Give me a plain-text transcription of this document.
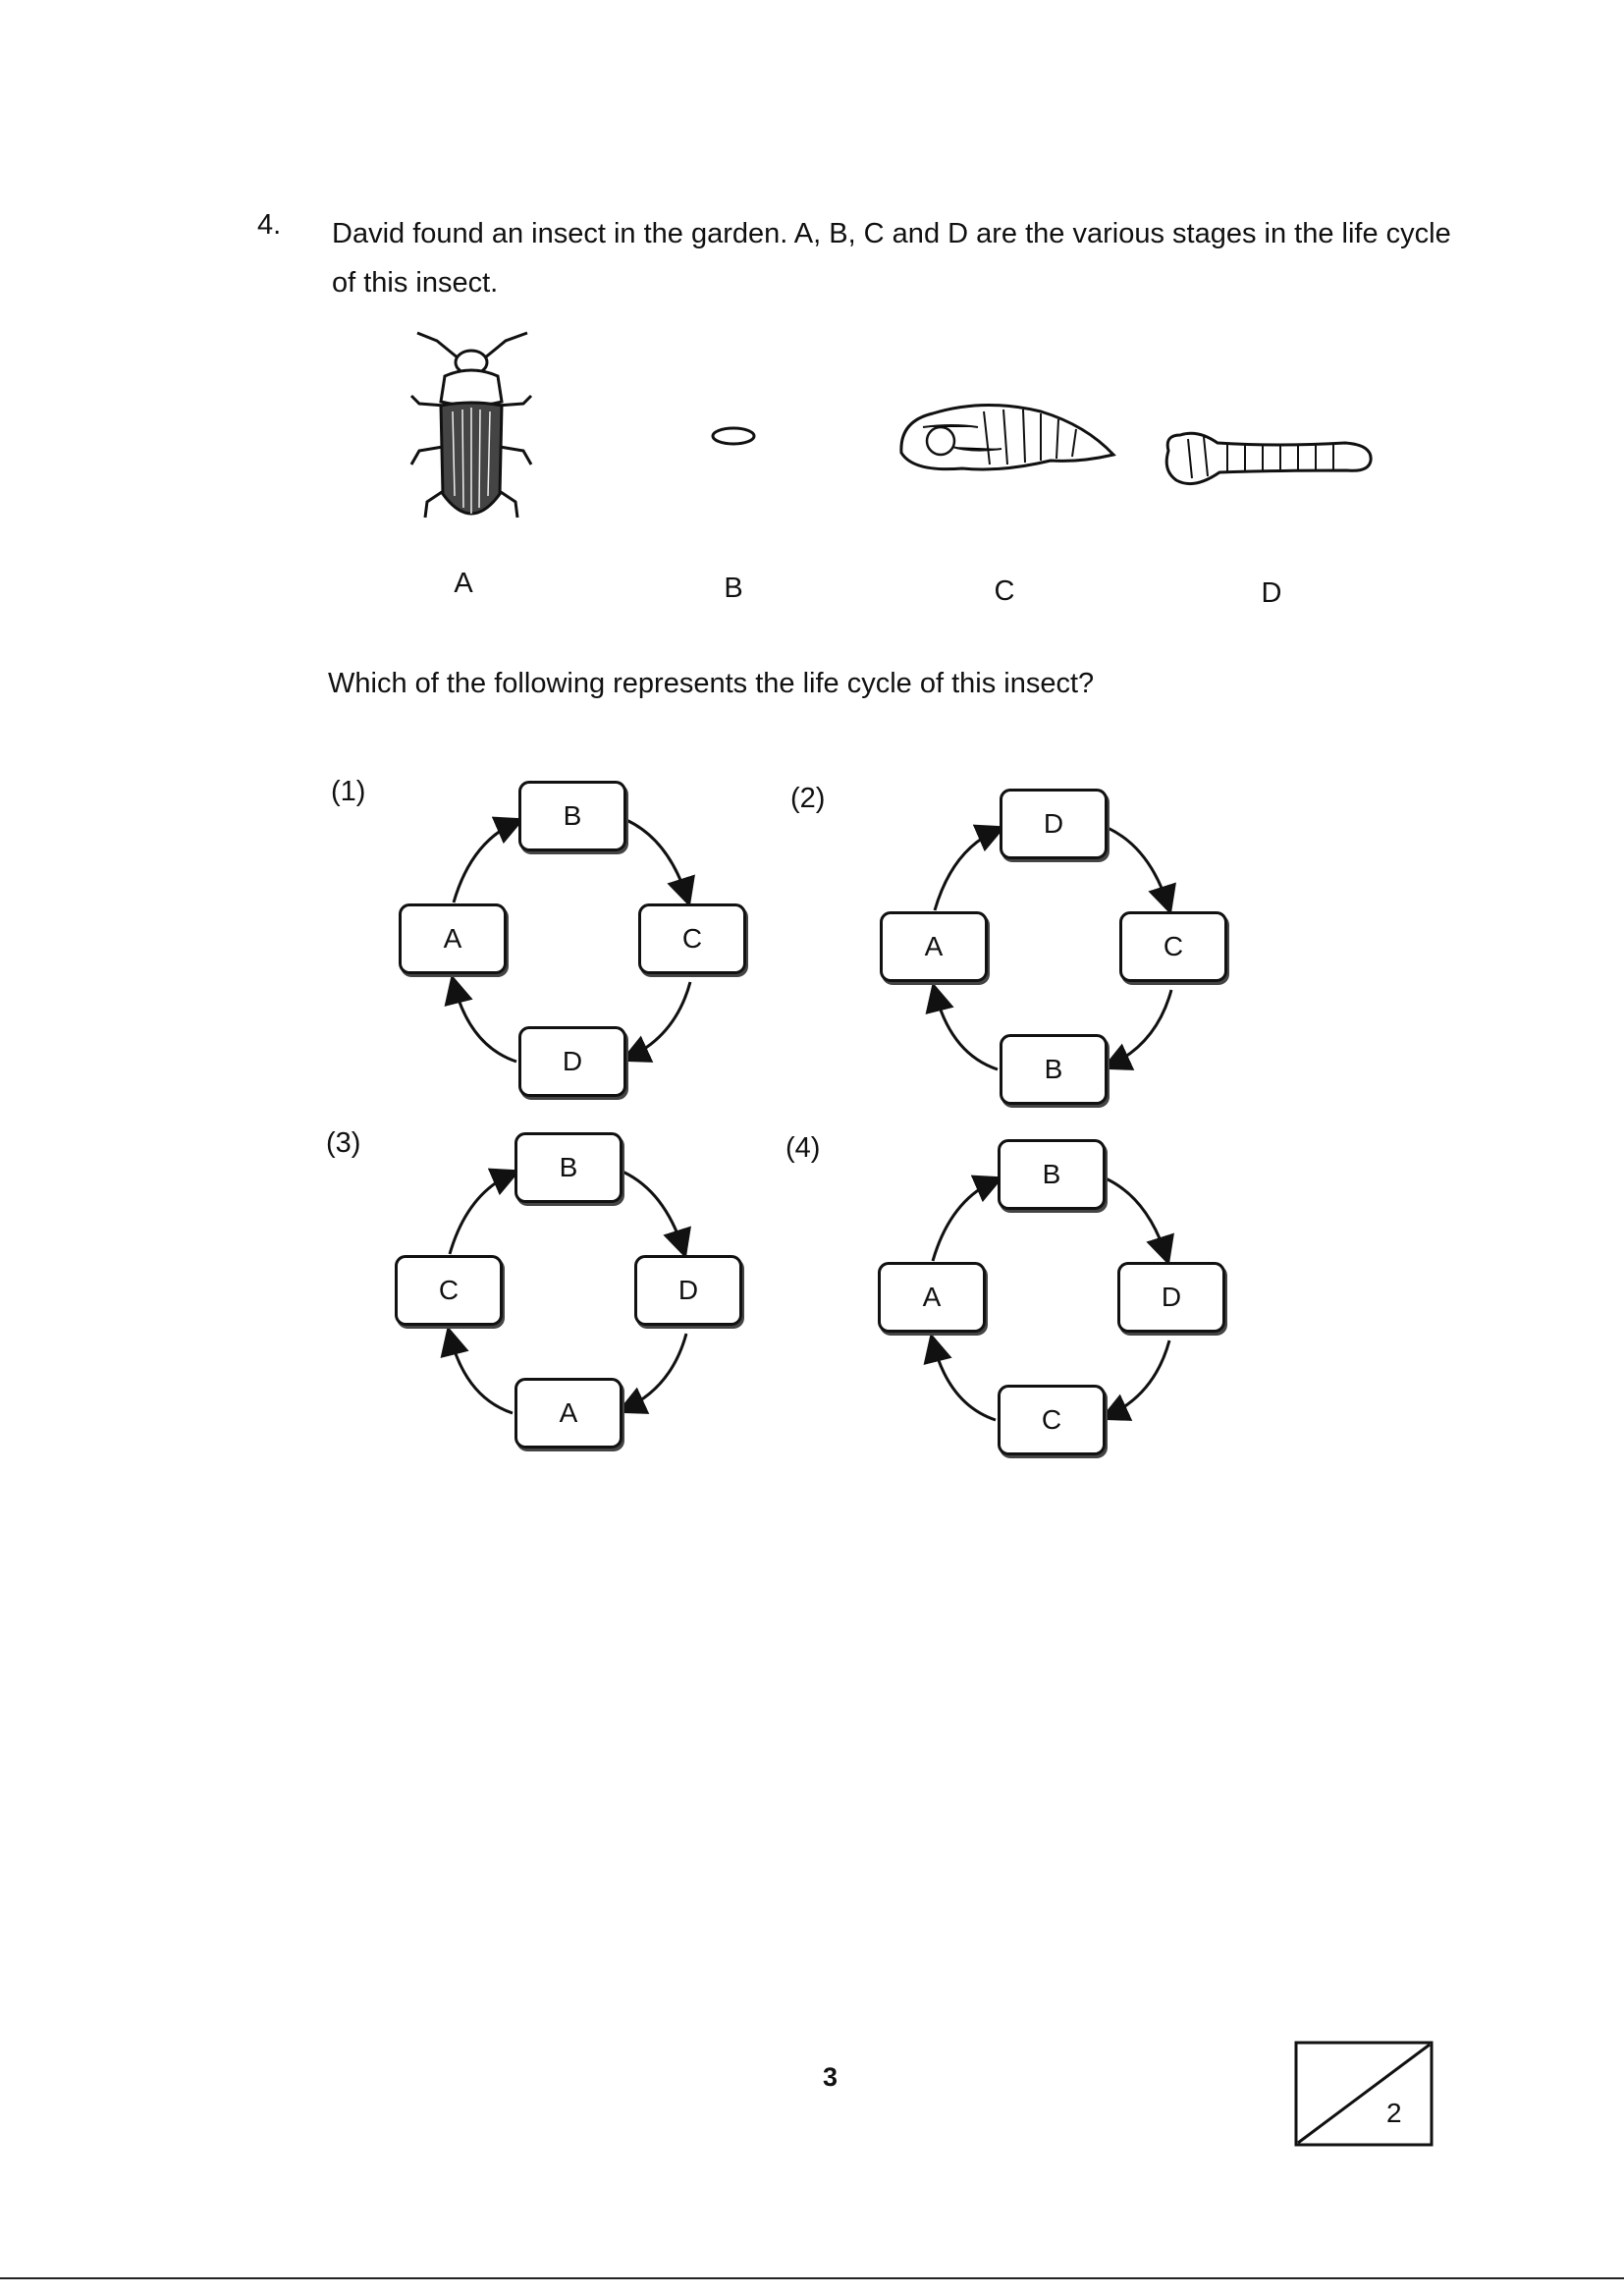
4. David found an insect in the garden. A, B, C and D are the various stages in the life cycle of this insect.
A	B	C	D
Which of the following represents the life cycle of this insect?
(1)
B
C
D
A
(2)
D
C
B
A
(3)
B
D
A
C
(4)
B
D
C
A
3
2
